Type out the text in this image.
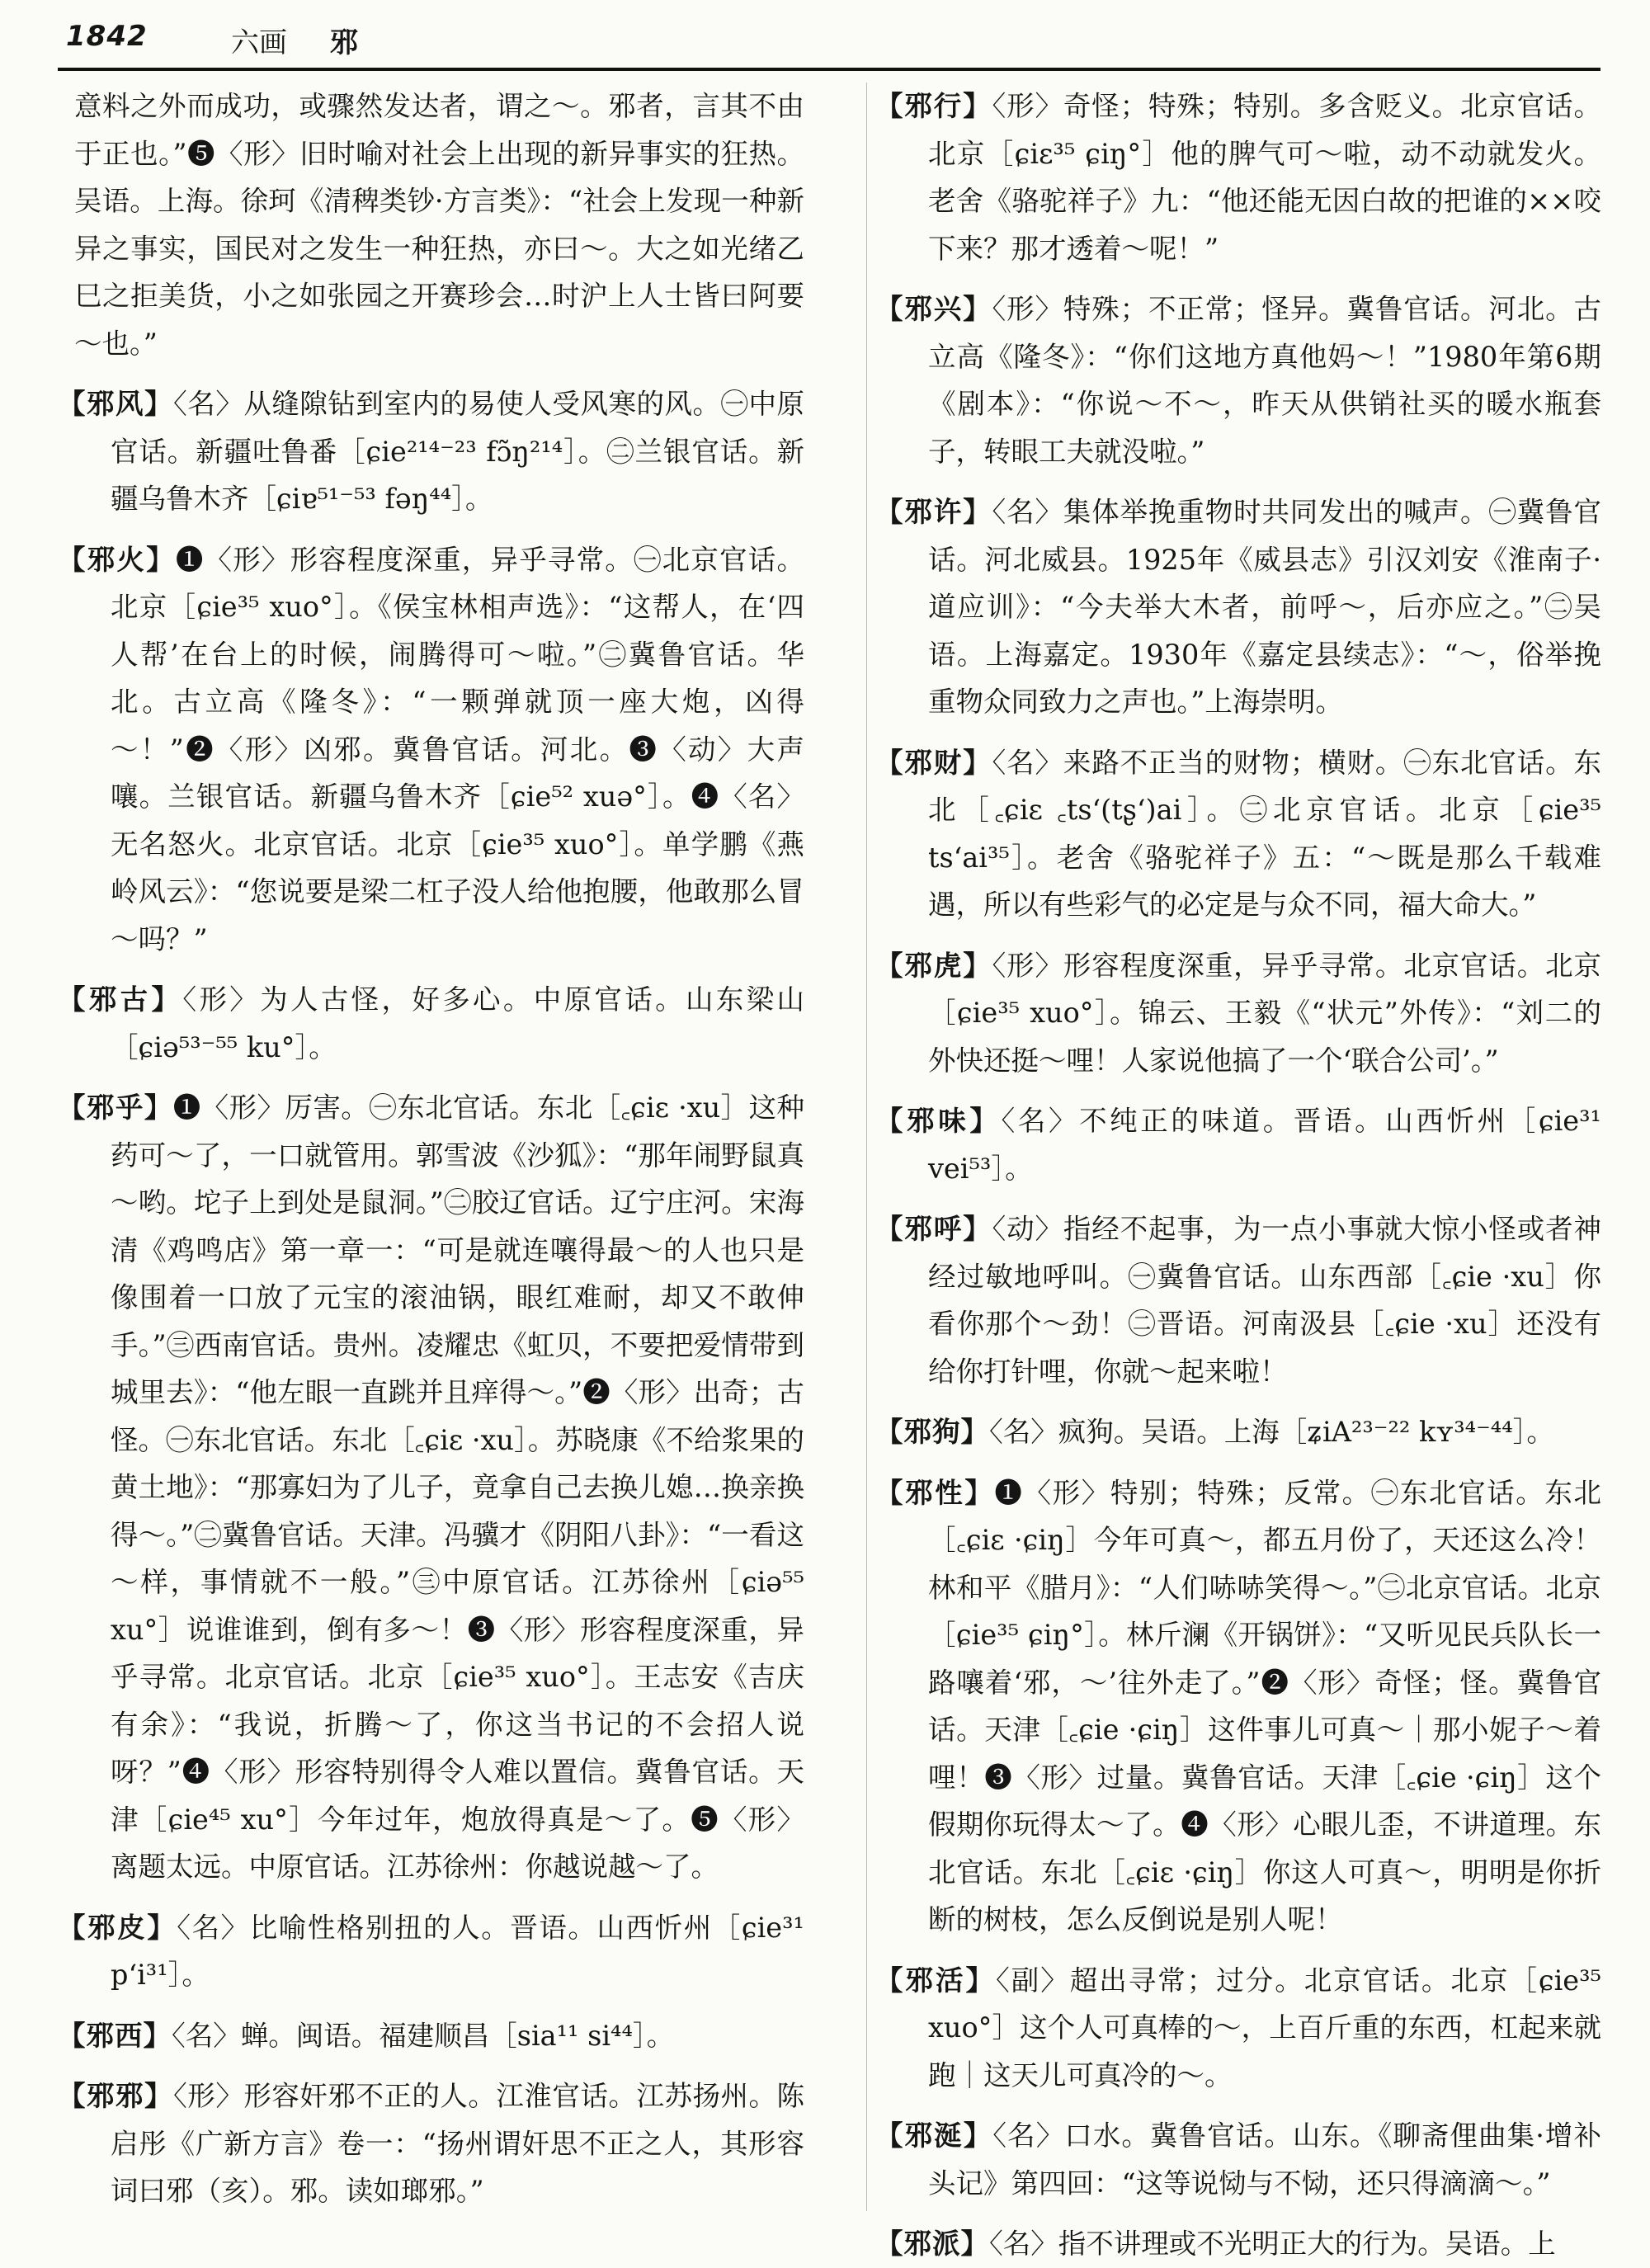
1842	六画 邪

意料之外而成功，或骤然发达者，谓之～。邪者，言其不由于正也。”❺〈形〉旧时喻对社会上出现的新异事实的狂热。吴语。上海。徐珂《清稗类钞·方言类》：“社会上发现一种新异之事实，国民对之发生一种狂热，亦曰～。大之如光绪乙巳之拒美货，小之如张园之开赛珍会…时沪上人士皆曰阿要～也。”

【邪风】〈名〉从缝隙钻到室内的易使人受风寒的风。㊀中原官话。新疆吐鲁番［ɕie²¹⁴⁻²³ fɔ̃ŋ²¹⁴］。㊁兰银官话。新疆乌鲁木齐［ɕiɐ⁵¹⁻⁵³ fəŋ⁴⁴］。

【邪火】❶〈形〉形容程度深重，异乎寻常。㊀北京官话。北京［ɕie³⁵ xuo°］。《侯宝林相声选》：“这帮人，在‘四人帮’在台上的时候，闹腾得可～啦。”㊁冀鲁官话。华北。古立高《隆冬》：“一颗弹就顶一座大炮，凶得～！”❷〈形〉凶邪。冀鲁官话。河北。❸〈动〉大声嚷。兰银官话。新疆乌鲁木齐［ɕie⁵² xuə°］。❹〈名〉无名怒火。北京官话。北京［ɕie³⁵ xuo°］。单学鹏《燕岭风云》：“您说要是梁二杠子没人给他抱腰，他敢那么冒～吗？”

【邪古】〈形〉为人古怪，好多心。中原官话。山东梁山［ɕiə⁵³⁻⁵⁵ ku°］。

【邪乎】❶〈形〉厉害。㊀东北官话。东北［꜀ɕiɛ ·xu］这种药可～了，一口就管用。郭雪波《沙狐》：“那年闹野鼠真～哟。坨子上到处是鼠洞。”㊁胶辽官话。辽宁庄河。宋海清《鸡鸣店》第一章一：“可是就连嚷得最～的人也只是像围着一口放了元宝的滚油锅，眼红难耐，却又不敢伸手。”㊂西南官话。贵州。凌耀忠《虹贝，不要把爱情带到城里去》：“他左眼一直跳并且痒得～。”❷〈形〉出奇；古怪。㊀东北官话。东北［꜀ɕiɛ ·xu］。苏晓康《不给浆果的黄土地》：“那寡妇为了儿子，竟拿自己去换儿媳…换亲换得～。”㊁冀鲁官话。天津。冯骥才《阴阳八卦》：“一看这～样，事情就不一般。”㊂中原官话。江苏徐州［ɕiə⁵⁵ xu°］说谁谁到，倒有多～！❸〈形〉形容程度深重，异乎寻常。北京官话。北京［ɕie³⁵ xuo°］。王志安《吉庆有余》：“我说，折腾～了，你这当书记的不会招人说呀？”❹〈形〉形容特别得令人难以置信。冀鲁官话。天津［ɕie⁴⁵ xu°］今年过年，炮放得真是～了。❺〈形〉离题太远。中原官话。江苏徐州：你越说越～了。

【邪皮】〈名〉比喻性格别扭的人。晋语。山西忻州［ɕie³¹ p‘i³¹］。

【邪西】〈名〉蝉。闽语。福建顺昌［sia¹¹ si⁴⁴］。

【邪邪】〈形〉形容奸邪不正的人。江淮官话。江苏扬州。陈启彤《广新方言》卷一：“扬州谓奸思不正之人，其形容词曰邪（亥）。邪。读如瑯邪。”

【邪行】〈形〉奇怪；特殊；特别。多含贬义。北京官话。北京［ɕiɛ³⁵ ɕiŋ°］他的脾气可～啦，动不动就发火。老舍《骆驼祥子》九：“他还能无因白故的把谁的××咬下来？那才透着～呢！”

【邪兴】〈形〉特殊；不正常；怪异。冀鲁官话。河北。古立高《隆冬》：“你们这地方真他妈～！”1980年第6期《剧本》：“你说～不～，昨天从供销社买的暖水瓶套子，转眼工夫就没啦。”

【邪许】〈名〉集体举挽重物时共同发出的喊声。㊀冀鲁官话。河北威县。1925年《威县志》引汉刘安《淮南子·道应训》：“今夫举大木者，前呼～，后亦应之。”㊁吴语。上海嘉定。1930年《嘉定县续志》：“～，俗举挽重物众同致力之声也。”上海崇明。

【邪财】〈名〉来路不正当的财物；横财。㊀东北官话。东北［꜀ɕiɛ ꜀ts‘(tʂ‘)ai］。㊁北京官话。北京［ɕie³⁵ ts‘ai³⁵］。老舍《骆驼祥子》五：“～既是那么千载难遇，所以有些彩气的必定是与众不同，福大命大。”

【邪虎】〈形〉形容程度深重，异乎寻常。北京官话。北京［ɕie³⁵ xuo°］。锦云、王毅《“状元”外传》：“刘二的外快还挺～哩！人家说他搞了一个‘联合公司’。”

【邪味】〈名〉不纯正的味道。晋语。山西忻州［ɕie³¹ vei⁵³］。

【邪呼】〈动〉指经不起事，为一点小事就大惊小怪或者神经过敏地呼叫。㊀冀鲁官话。山东西部［꜀ɕie ·xu］你看你那个～劲！㊁晋语。河南汲县［꜀ɕie ·xu］还没有给你打针哩，你就～起来啦！

【邪狗】〈名〉疯狗。吴语。上海［ʑiA²³⁻²² kʏ³⁴⁻⁴⁴］。

【邪性】❶〈形〉特别；特殊；反常。㊀东北官话。东北［꜀ɕiɛ ·ɕiŋ］今年可真～，都五月份了，天还这么冷！林和平《腊月》：“人们哧哧笑得～。”㊁北京官话。北京［ɕie³⁵ ɕiŋ°］。林斤澜《开锅饼》：“又听见民兵队长一路嚷着‘邪，～’往外走了。”❷〈形〉奇怪；怪。冀鲁官话。天津［꜀ɕie ·ɕiŋ］这件事儿可真～｜那小妮子～着哩！❸〈形〉过量。冀鲁官话。天津［꜀ɕie ·ɕiŋ］这个假期你玩得太～了。❹〈形〉心眼儿歪，不讲道理。东北官话。东北［꜀ɕiɛ ·ɕiŋ］你这人可真～，明明是你折断的树枝，怎么反倒说是别人呢！

【邪活】〈副〉超出寻常；过分。北京官话。北京［ɕie³⁵ xuo°］这个人可真棒的～，上百斤重的东西，杠起来就跑｜这天儿可真冷的～。

【邪涎】〈名〉口水。冀鲁官话。山东。《聊斋俚曲集·增补头记》第四回：“这等说恸与不恸，还只得滴滴～。”

【邪派】〈名〉指不讲理或不光明正大的行为。吴语。上
